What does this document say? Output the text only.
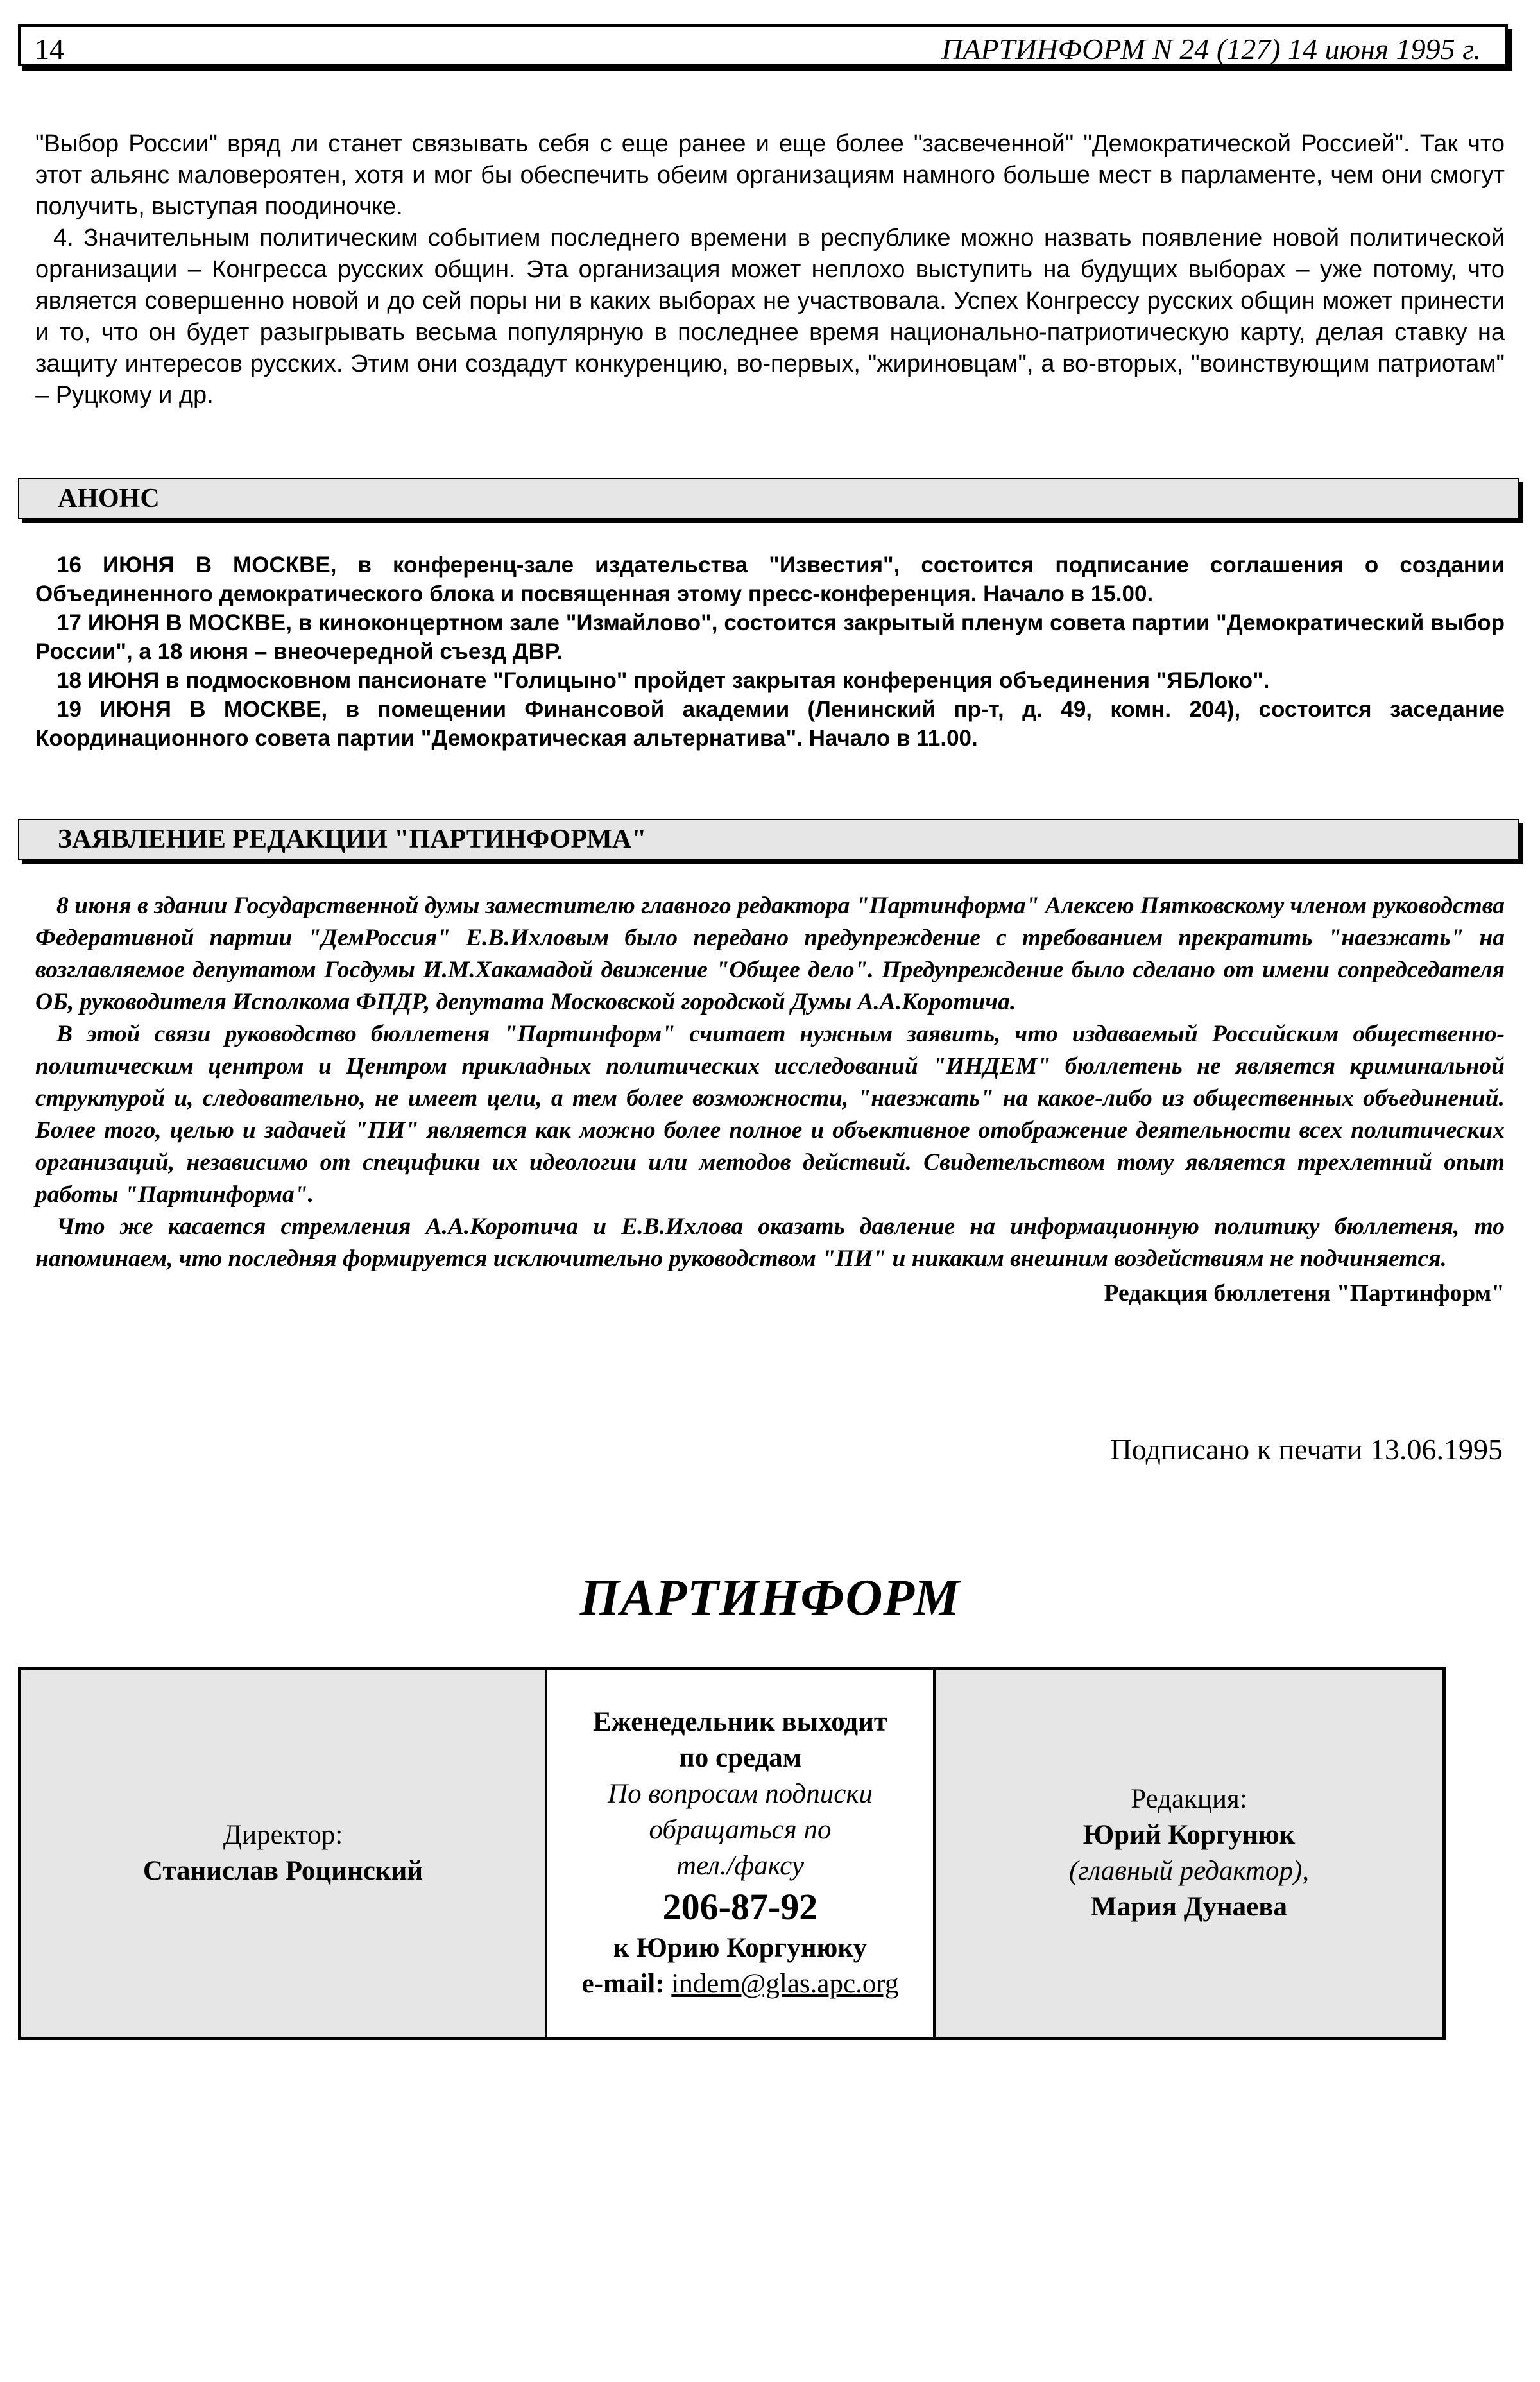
14	ПАРТИНФОРМ N 24 (127) 14 июня 1995 г.

"Выбор России" вряд ли станет связывать себя с еще ранее и еще более "засвеченной" "Демократической Россией". Так что этот альянс маловероятен, хотя и мог бы обеспечить обеим организациям намного больше мест в парламенте, чем они смогут получить, выступая поодиночке.

4. Значительным политическим событием последнего времени в республике можно назвать появление новой политической организации – Конгресса русских общин. Эта организация может неплохо выступить на будущих выборах – уже потому, что является совершенно новой и до сей поры ни в каких выборах не участвовала. Успех Конгрессу русских общин может принести и то, что он будет разыгрывать весьма популярную в последнее время национально-патриотическую карту, делая ставку на защиту интересов русских. Этим они создадут конкуренцию, во-первых, "жириновцам", а во-вторых, "воинствующим патриотам" – Руцкому и др.

АНОНС

16 ИЮНЯ В МОСКВЕ, в конференц-зале издательства "Известия", состоится подписание соглашения о создании Объединенного демократического блока и посвященная этому пресс-конференция. Начало в 15.00.

17 ИЮНЯ В МОСКВЕ, в киноконцертном зале "Измайлово", состоится закрытый пленум совета партии "Демократический выбор России", а 18 июня – внеочередной съезд ДВР.

18 ИЮНЯ в подмосковном пансионате "Голицыно" пройдет закрытая конференция объединения "ЯБЛоко".

19 ИЮНЯ В МОСКВЕ, в помещении Финансовой академии (Ленинский пр-т, д. 49, комн. 204), состоится заседание Координационного совета партии "Демократическая альтернатива". Начало в 11.00.

ЗАЯВЛЕНИЕ РЕДАКЦИИ "ПАРТИНФОРМА"

8 июня в здании Государственной думы заместителю главного редактора "Партинформа" Алексею Пятковскому членом руководства Федеративной партии "ДемРоссия" Е.В.Ихловым было передано предупреждение с требованием прекратить "наезжать" на возглавляемое депутатом Госдумы И.М.Хакамадой движение "Общее дело". Предупреждение было сделано от имени сопредседателя ОБ, руководителя Исполкома ФПДР, депутата Московской городской Думы А.А.Коротича.

В этой связи руководство бюллетеня "Партинформ" считает нужным заявить, что издаваемый Российским общественно-политическим центром и Центром прикладных политических исследований "ИНДЕМ" бюллетень не является криминальной структурой и, следовательно, не имеет цели, а тем более возможности, "наезжать" на какое-либо из общественных объединений. Более того, целью и задачей "ПИ" является как можно более полное и объективное отображение деятельности всех политических организаций, независимо от специфики их идеологии или методов действий. Свидетельством тому является трехлетний опыт работы "Партинформа".

Что же касается стремления А.А.Коротича и Е.В.Ихлова оказать давление на информационную политику бюллетеня, то напоминаем, что последняя формируется исключительно руководством "ПИ" и никаким внешним воздействиям не подчиняется.

Редакция бюллетеня "Партинформ"

Подписано к печати 13.06.1995
ПАРТИНФОРМ
Директор:
Станислав Роцинский
Еженедельник выходит
по средам
По вопросам подписки
обращаться по
тел./факсу
206-87-92
к Юрию Коргунюку
e-mail: indem@glas.apc.org
Редакция:
Юрий Коргунюк
(главный редактор),
Мария Дунаева
